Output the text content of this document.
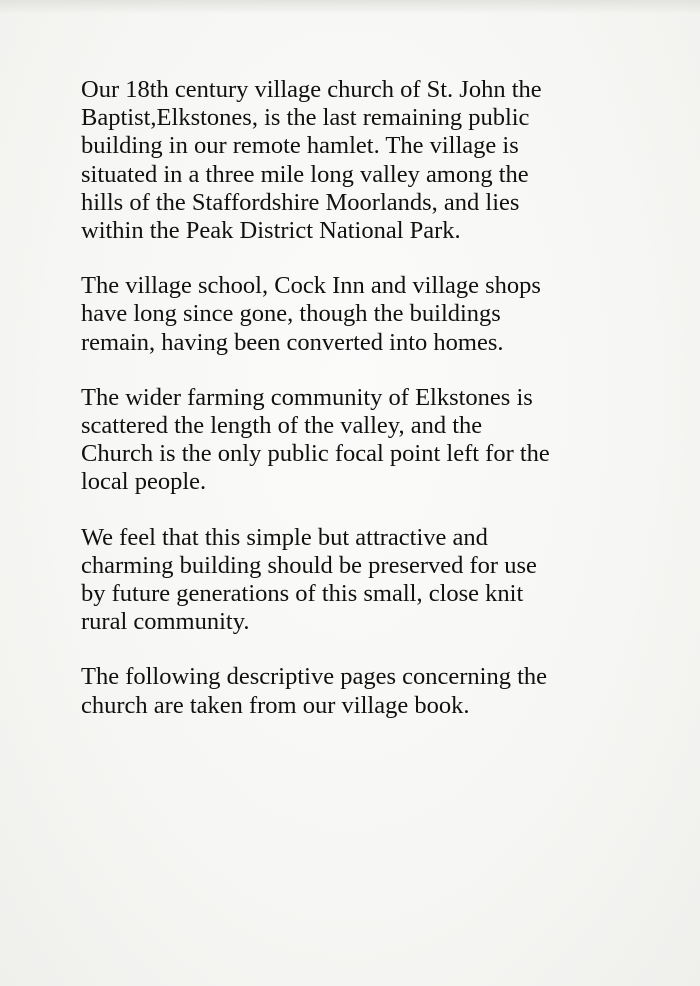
Our 18th century village church of St. John the
Baptist,Elkstones, is the last remaining public
building in our remote hamlet. The village is
situated in a three mile long valley among the
hills of the Staffordshire Moorlands, and lies
within the Peak District National Park.

The village school, Cock Inn and village shops
have long since gone, though the buildings
remain, having been converted into homes.

The wider farming community of Elkstones is
scattered the length of the valley, and the
Church is the only public focal point left for the
local people.

We feel that this simple but attractive and
charming building should be preserved for use
by future generations of this small, close knit
rural community.

The following descriptive pages concerning the
church are taken from our village book.
